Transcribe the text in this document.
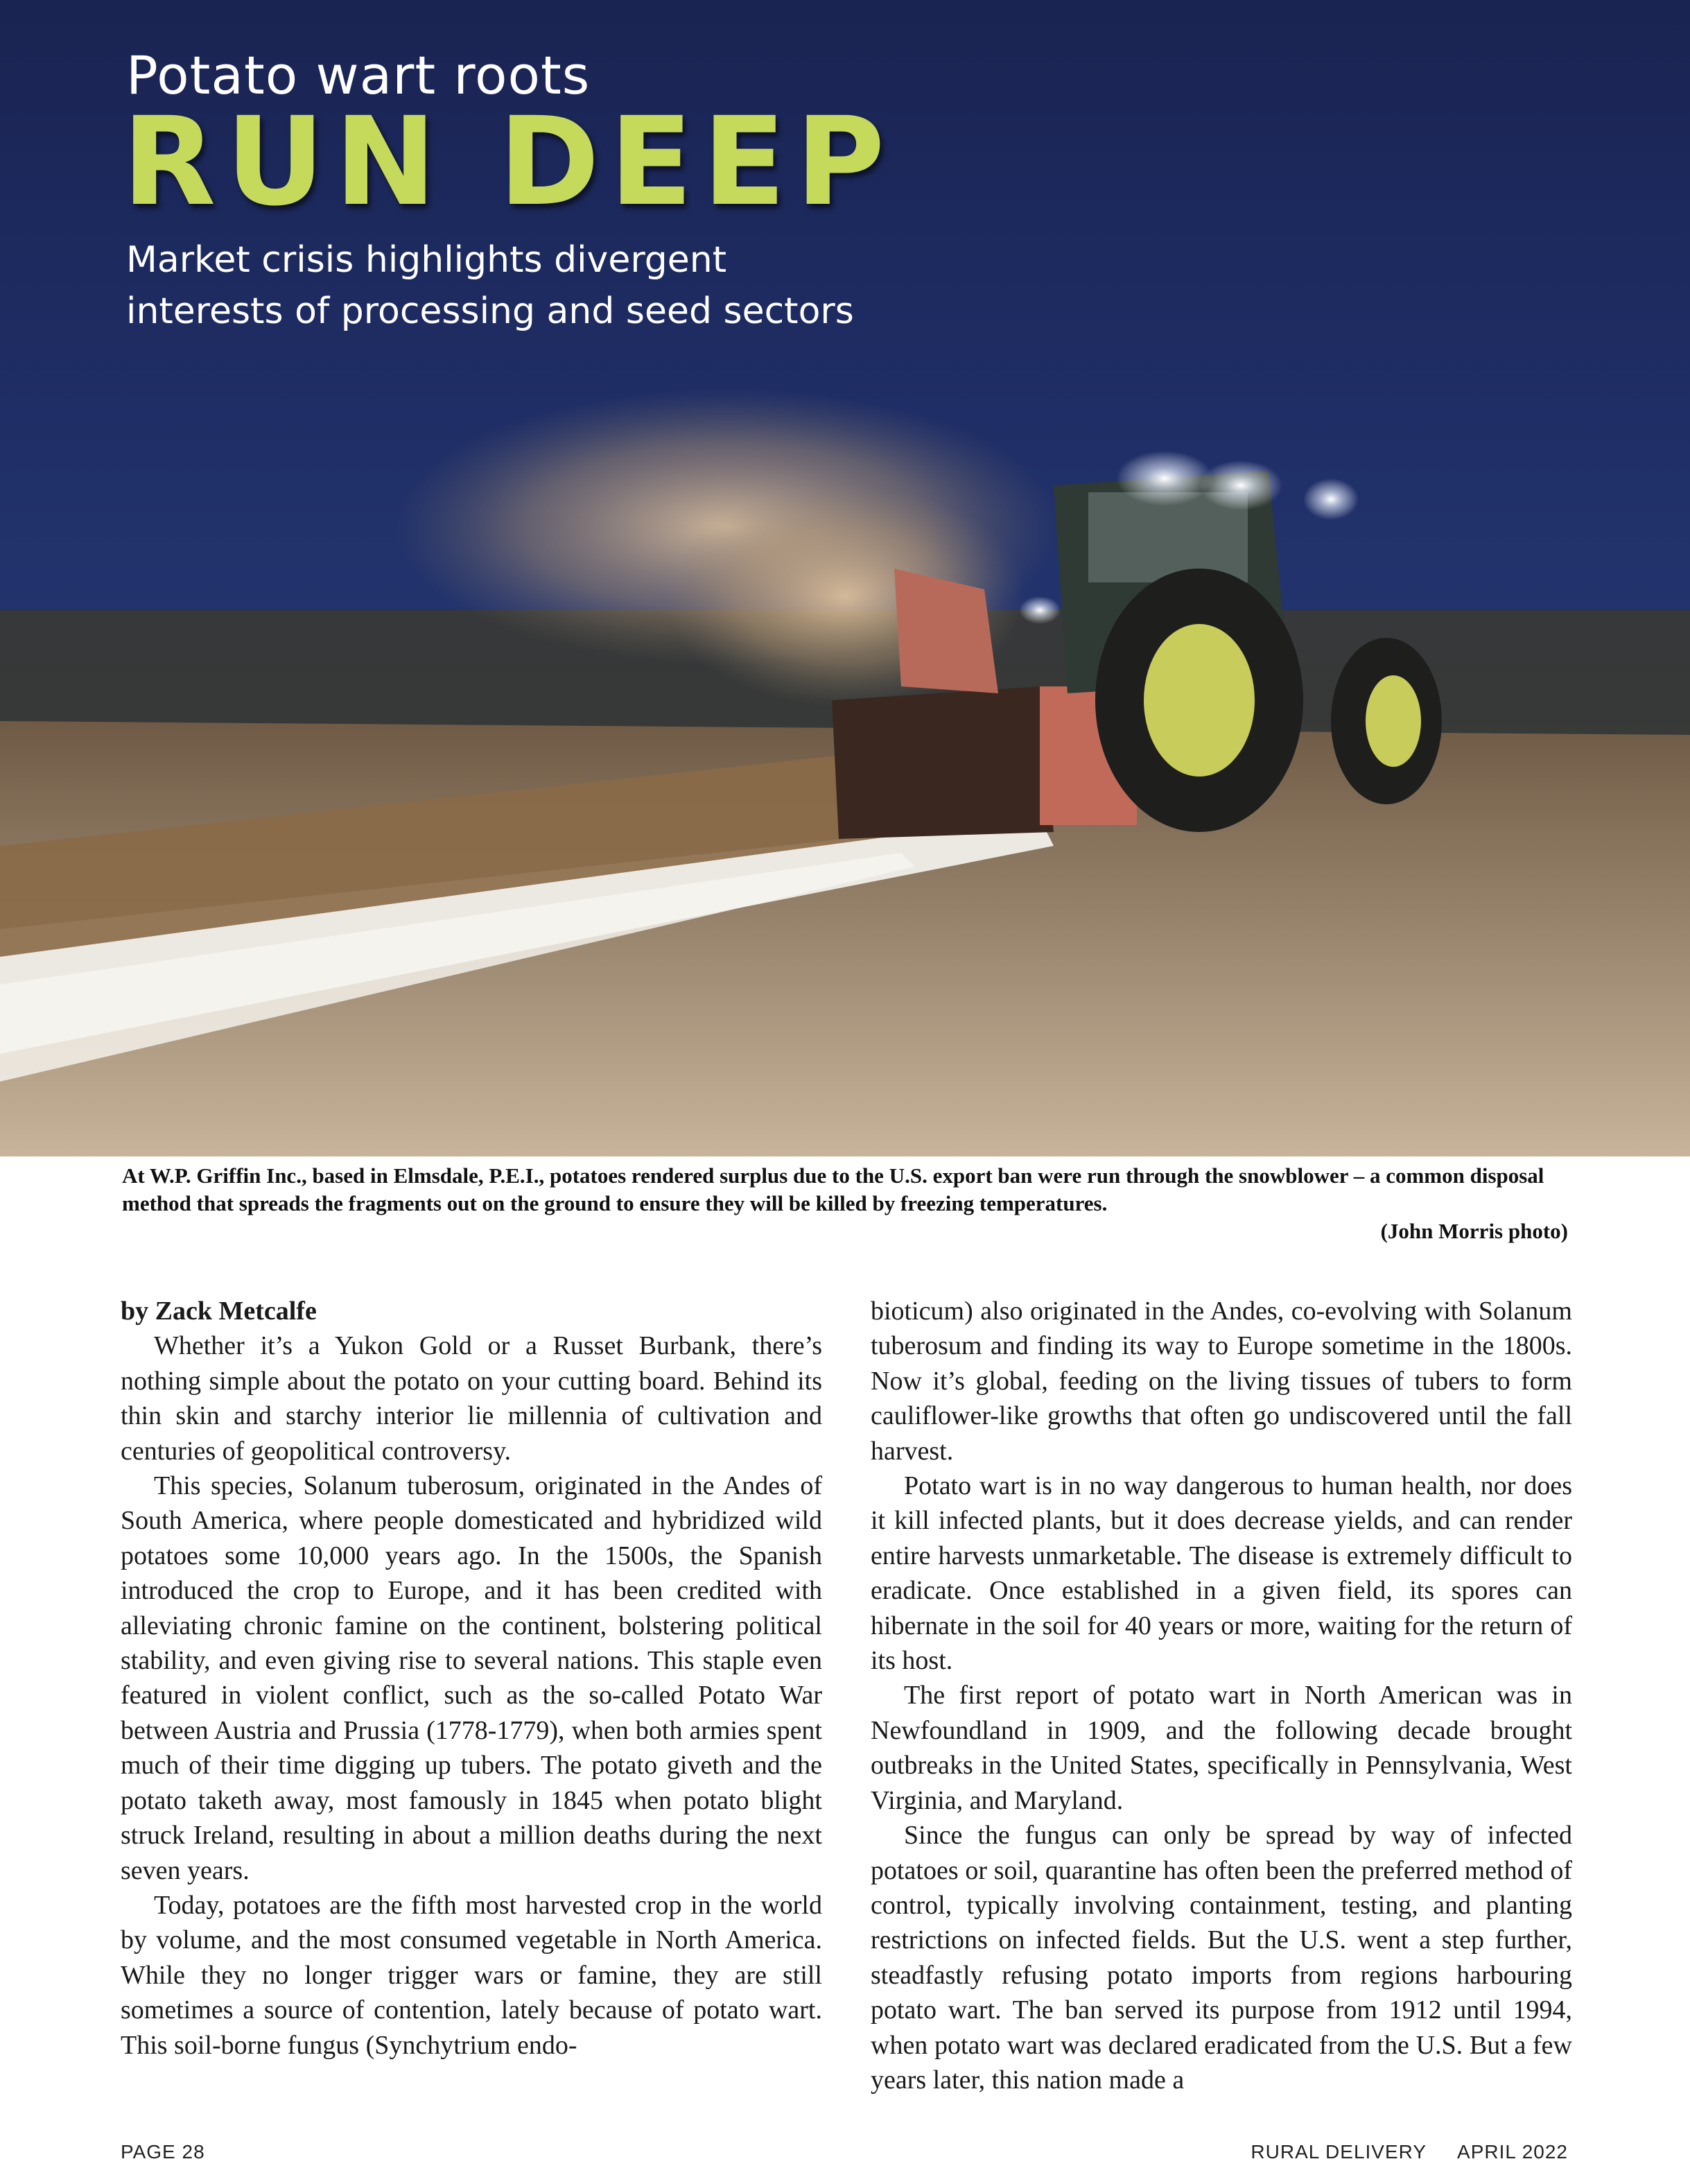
Potato wart roots
RUN DEEP
Market crisis highlights divergent
interests of processing and seed sectors

At W.P. Griffin Inc., based in Elmsdale, P.E.I., potatoes rendered surplus due to the U.S. export ban were run through the snowblower – a common disposal method that spreads the fragments out on the ground to ensure they will be killed by freezing temperatures.

(John Morris photo)

by Zack Metcalfe

Whether it’s a Yukon Gold or a Russet Burbank, there’s nothing simple about the potato on your cutting board. Behind its thin skin and starchy interior lie millennia of cultivation and centuries of geopolitical controversy.

This species, Solanum tuberosum, originated in the Andes of South America, where people domesticated and hybridized wild potatoes some 10,000 years ago. In the 1500s, the Spanish introduced the crop to Europe, and it has been credited with alleviating chronic famine on the continent, bolstering political stability, and even giving rise to several nations. This staple even featured in violent conflict, such as the so-called Potato War between Austria and Prussia (1778-1779), when both armies spent much of their time digging up tubers. The potato giveth and the potato taketh away, most famously in 1845 when potato blight struck Ireland, resulting in about a million deaths during the next seven years.

Today, potatoes are the fifth most harvested crop in the world by volume, and the most consumed vegetable in North America. While they no longer trigger wars or famine, they are still sometimes a source of contention, lately because of potato wart. This soil-borne fungus (Synchytrium endo-

bioticum) also originated in the Andes, co-evolving with Solanum tuberosum and finding its way to Europe sometime in the 1800s. Now it’s global, feeding on the living tissues of tubers to form cauliflower-like growths that often go undiscovered until the fall harvest.

Potato wart is in no way dangerous to human health, nor does it kill infected plants, but it does decrease yields, and can render entire harvests unmarketable. The disease is extremely difficult to eradicate. Once established in a given field, its spores can hibernate in the soil for 40 years or more, waiting for the return of its host.

The first report of potato wart in North American was in Newfoundland in 1909, and the following decade brought outbreaks in the United States, specifically in Pennsylvania, West Virginia, and Maryland.

Since the fungus can only be spread by way of infected potatoes or soil, quarantine has often been the preferred method of control, typically involving containment, testing, and planting restrictions on infected fields. But the U.S. went a step further, steadfastly refusing potato imports from regions harbouring potato wart. The ban served its purpose from 1912 until 1994, when potato wart was declared eradicated from the U.S. But a few years later, this nation made a

PAGE 28	RURAL DELIVERY APRIL 2022
